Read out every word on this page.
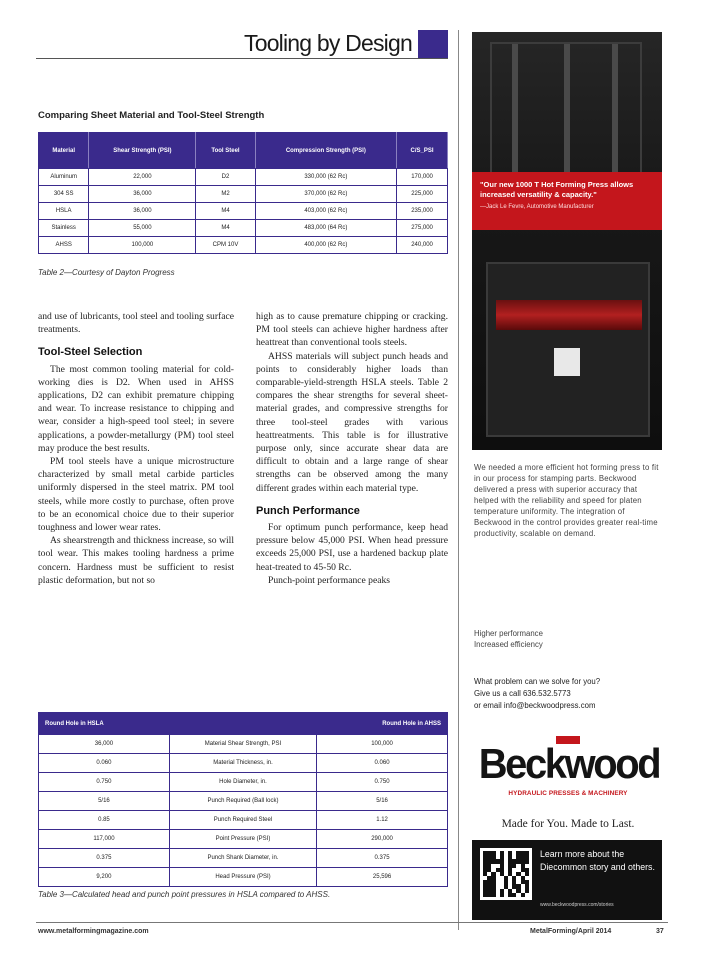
Tooling by Design
Comparing Sheet Material and Tool-Steel Strength
Material	Shear Strength (PSI)	Tool Steel	Compression Strength (PSI)	C/S_PSI
Aluminum	22,000	D2	330,000 (62 Rc)	170,000
304 SS	36,000	M2	370,000 (62 Rc)	225,000
HSLA	36,000	M4	403,000 (62 Rc)	235,000
Stainless	55,000	M4	483,000 (64 Rc)	275,000
AHSS	100,000	CPM 10V	400,000 (62 Rc)	240,000
Table 2—Courtesy of Dayton Progress

and use of lubricants, tool steel and tooling surface treatments.

Tool-Steel Selection

The most common tooling material for cold-working dies is D2. When used in AHSS applications, D2 can exhibit premature chipping and wear. To increase resistance to chipping and wear, consider a high-speed tool steel; in severe applications, a powder-metallurgy (PM) tool steel may produce the best results.

PM tool steels have a unique microstructure characterized by small metal carbide particles uniformly dispersed in the steel matrix. PM tool steels, while more costly to purchase, often prove to be an economical choice due to their superior toughness and lower wear rates.

As shearstrength and thickness increase, so will tool wear. This makes tooling hardness a prime concern. Hardness must be sufficient to resist plastic deformation, but not so

high as to cause premature chipping or cracking. PM tool steels can achieve higher hardness after heattreat than conventional tools steels.

AHSS materials will subject punch heads and points to considerably higher loads than comparable-yield-strength HSLA steels. Table 2 compares the shear strengths for several sheet-material grades, and compressive strengths for three tool-steel grades with various heattreatments. This table is for illustrative purpose only, since accurate shear data are difficult to obtain and a large range of shear strengths can be observed among the many different grades within each material type.

Punch Performance

For optimum punch performance, keep head pressure below 45,000 PSI. When head pressure exceeds 25,000 PSI, use a hardened backup plate heat-treated to 45-50 Rc.

Punch-point performance peaks

Round Hole in HSLA		Round Hole in AHSS
36,000	Material Shear Strength, PSI	100,000
0.060	Material Thickness, in.	0.060
0.750	Hole Diameter, in.	0.750
5/16	Punch Required (Ball lock)	5/16
0.85	Punch Required Steel	1.12
117,000	Point Pressure (PSI)	290,000
0.375	Punch Shank Diameter, in.	0.375
9,200	Head Pressure (PSI)	25,596
Table 3—Calculated head and punch point pressures in HSLA compared to AHSS.
www.metalformingmagazine.com	MetalForming/April 2014	37
"Our new 1000 T Hot Forming Press allows increased versatility & capacity."
—Jack Le Fevre, Automotive Manufacturer
We needed a more efficient hot forming press to fit in our process for stamping parts. Beckwood delivered a press with superior accuracy that helped with the reliability and speed for platen temperature uniformity. The integration of Beckwood in the control provides greater real-time productivity, scalable on demand.
Higher performance
Increased efficiency
What problem can we solve for you?
Give us a call 636.532.5773
or email info@beckwoodpress.com
Beckwood
HYDRAULIC PRESSES & MACHINERY
Made for You. Made to Last.
Learn more about the Diecommon story and others.
www.beckwoodpress.com/stories
